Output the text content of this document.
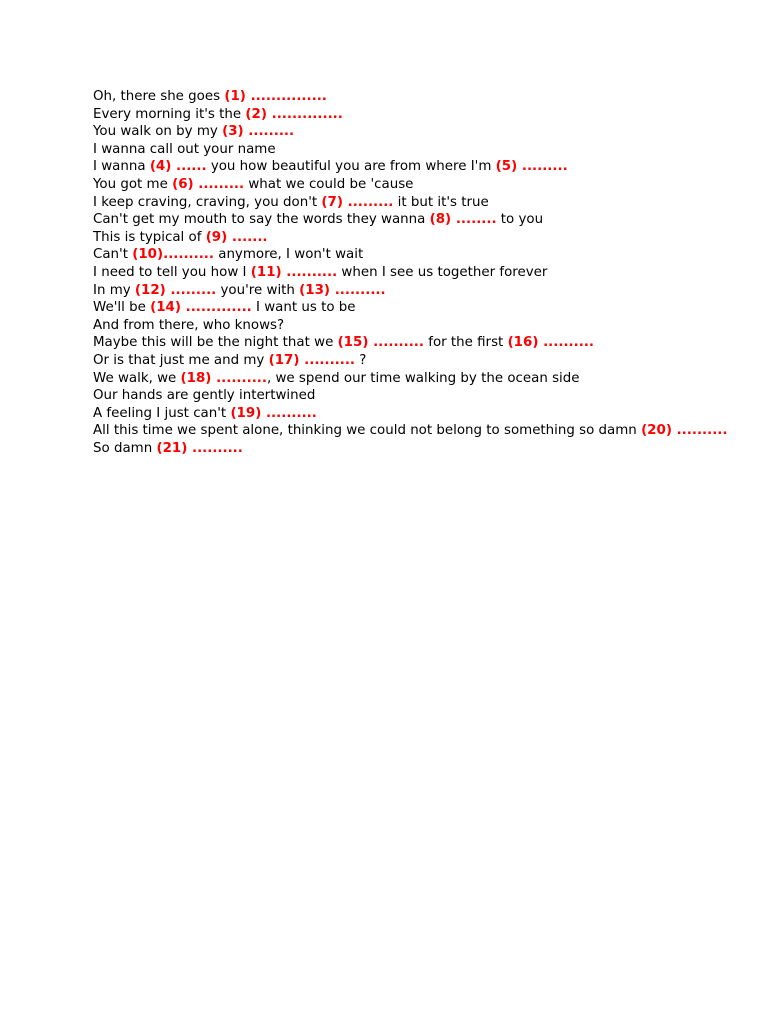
Oh, there she goes (1) ...............
Every morning it's the (2) ..............
You walk on by my (3) .........
I wanna call out your name
I wanna (4) ...... you how beautiful you are from where I'm (5) .........
You got me (6) ......... what we could be 'cause
I keep craving, craving, you don't (7) ......... it but it's true
Can't get my mouth to say the words they wanna (8) ........ to you
This is typical of (9) .......
Can't (10).......... anymore, I won't wait
I need to tell you how I (11) .......... when I see us together forever
In my (12) ......... you're with (13) ..........
We'll be (14) ............. I want us to be
And from there, who knows?
Maybe this will be the night that we (15) .......... for the first (16) ..........
Or is that just me and my (17) .......... ?
We walk, we (18) .........., we spend our time walking by the ocean side
Our hands are gently intertwined
A feeling I just can't (19) ..........
All this time we spent alone, thinking we could not belong to something so damn (20) ..........
So damn (21) ..........
